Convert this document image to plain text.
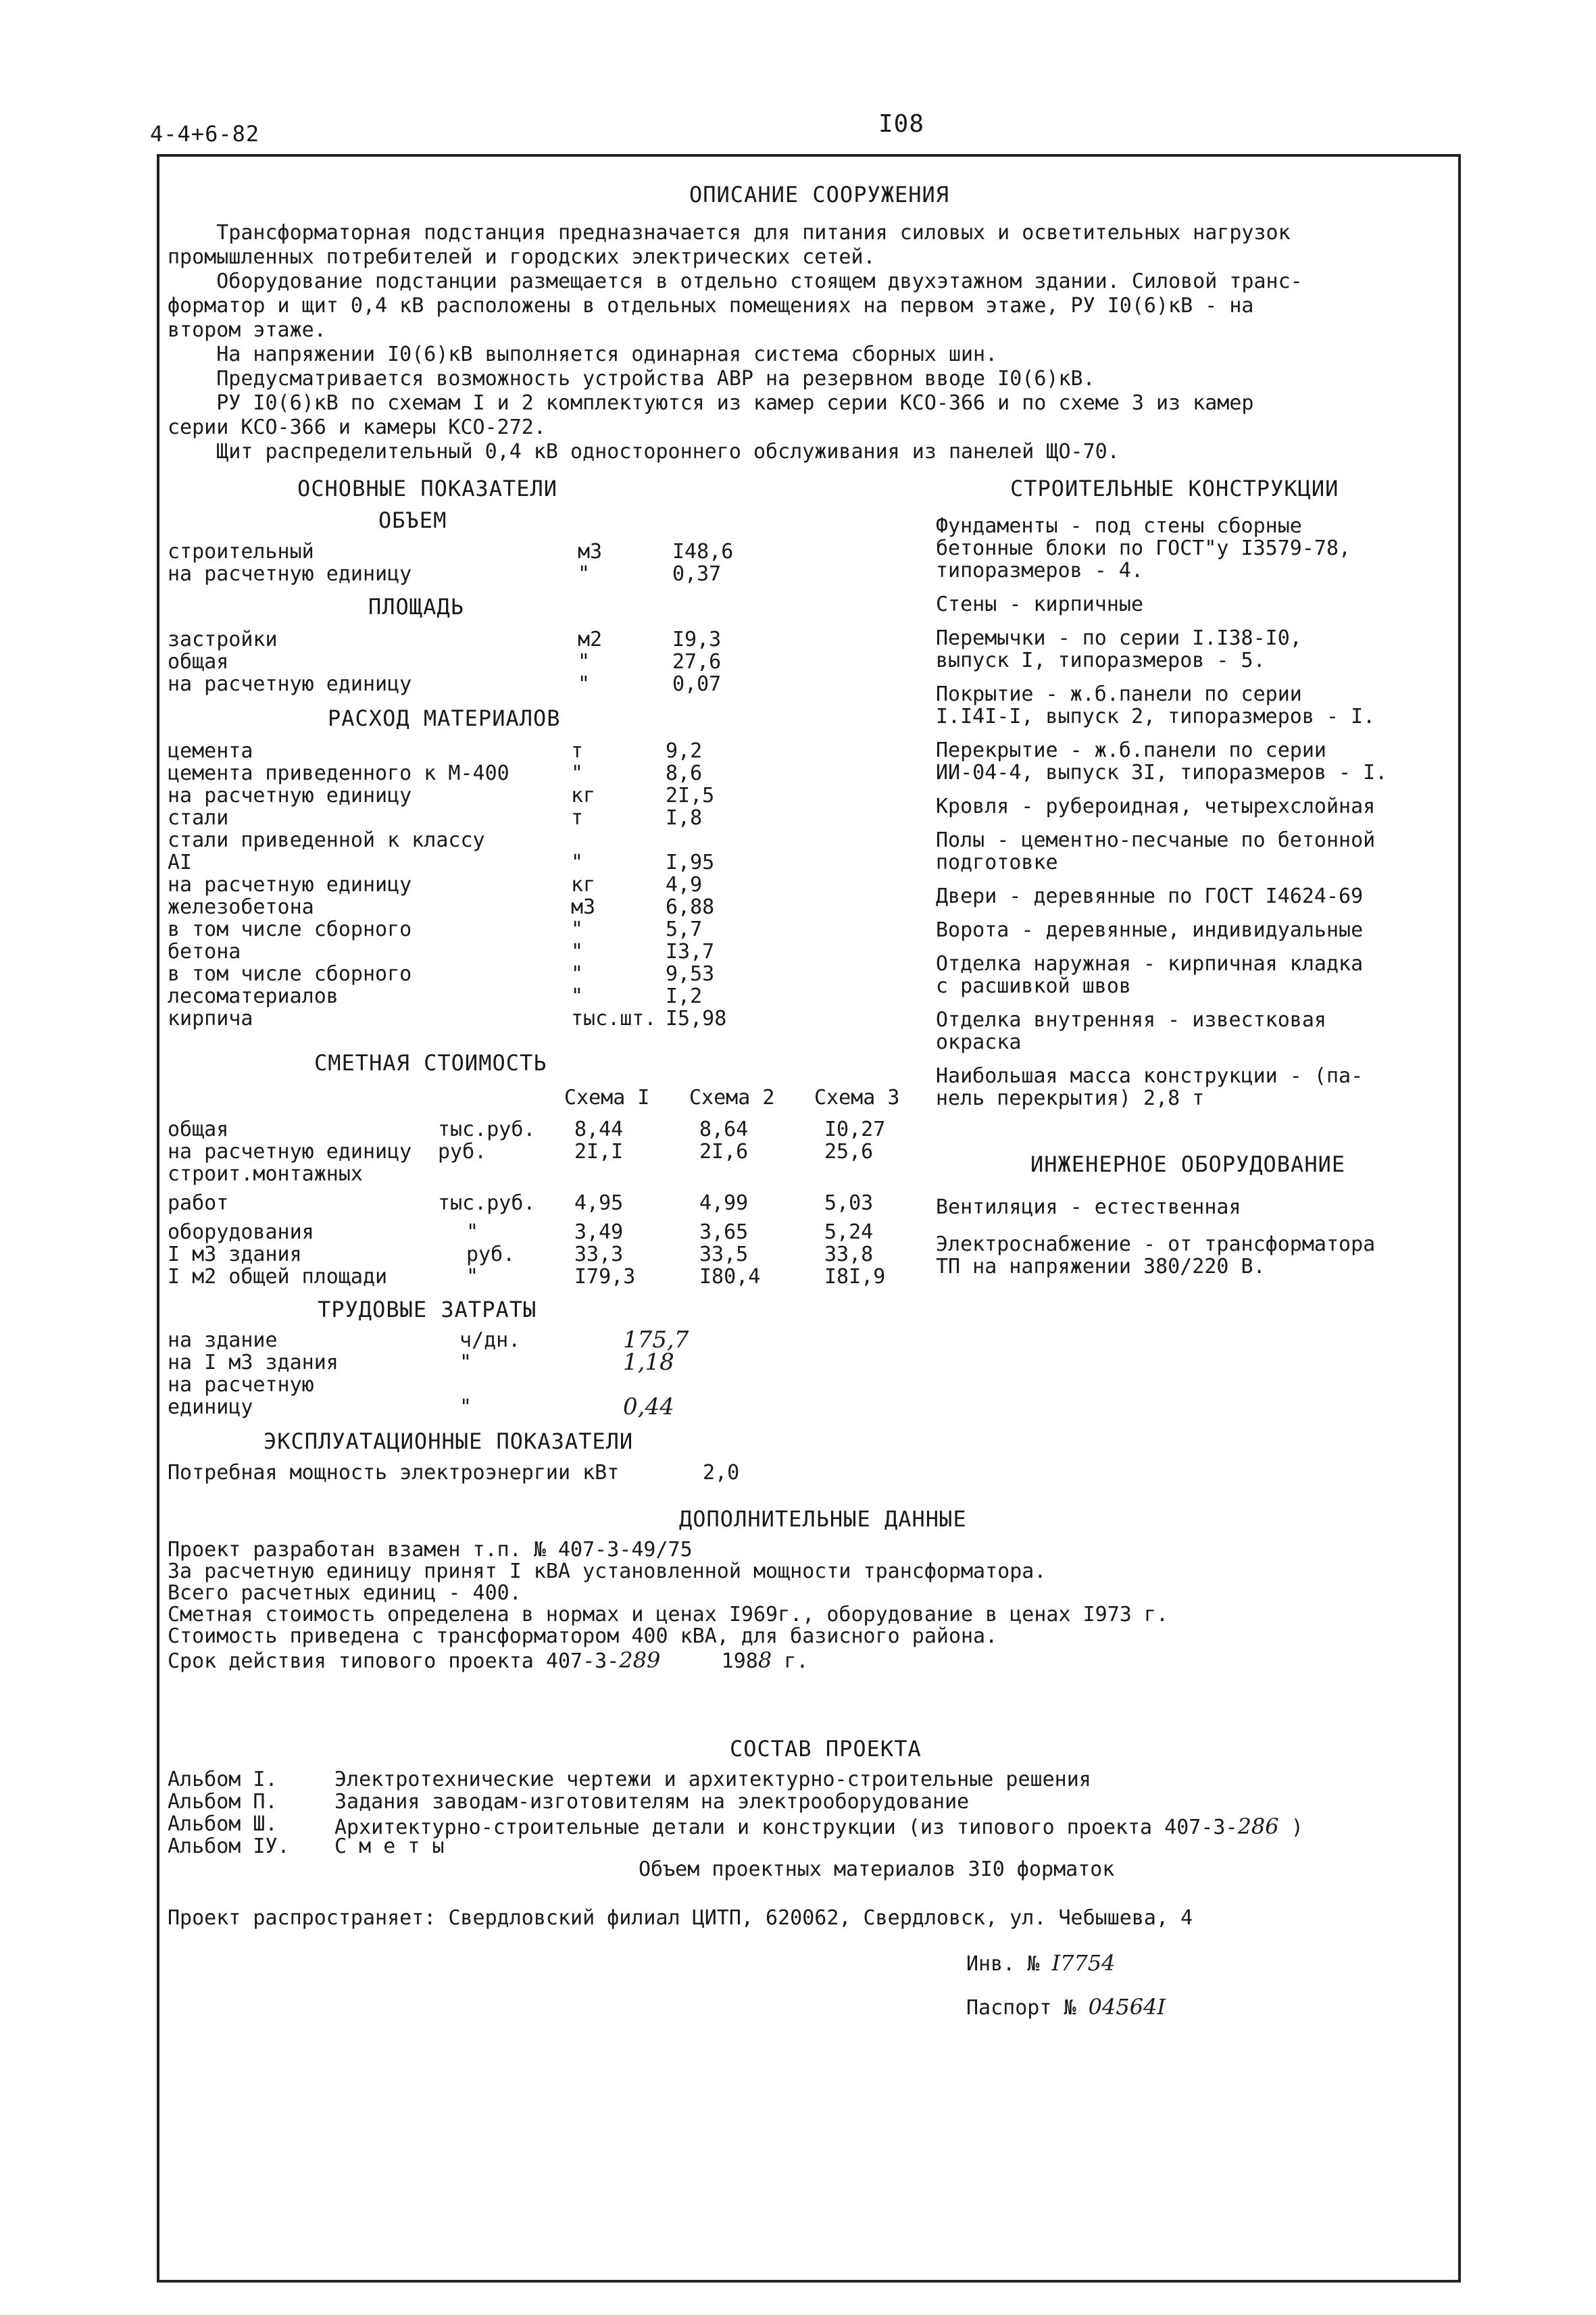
4-4+6-82	I08
ОПИСАНИЕ СООРУЖЕНИЯ
Трансформаторная подстанция предназначается для питания силовых и осветительных нагрузок
промышленных потребителей и городских электрических сетей.
Оборудование подстанции размещается в отдельно стоящем двухэтажном здании. Силовой транс-
форматор и щит 0,4 кВ расположены в отдельных помещениях на первом этаже, РУ I0(6)кВ - на
втором этаже.
На напряжении I0(6)кВ выполняется одинарная система сборных шин.
Предусматривается возможность устройства АВР на резервном вводе I0(6)кВ.
РУ I0(6)кВ по схемам I и 2 комплектуются из камер серии КСО-366 и по схеме 3 из камер
серии КСО-366 и камеры КСО-272.
Щит распределительный 0,4 кВ одностороннего обслуживания из панелей ЩО-70.
ОСНОВНЫЕ ПОКАЗАТЕЛИ
ОБЪЕМ
строительный	м3	I48,6
на расчетную единицу	"	0,37
ПЛОЩАДЬ
застройки	м2	I9,3
общая	"	27,6
на расчетную единицу	"	0,07
РАСХОД МАТЕРИАЛОВ
цемента	т	9,2
цемента приведенного к М-400	"	8,6
на расчетную единицу	кг	2I,5
стали	т	I,8
стали приведенной к классу
AI	"	I,95
на расчетную единицу	кг	4,9
железобетона	м3	6,88
в том числе сборного	"	5,7
бетона	"	I3,7
в том числе сборного	"	9,53
лесоматериалов	"	I,2
кирпича	тыс.шт. I5,98
СМЕТНАЯ СТОИМОСТЬ
Схема I Схема 2 Схема 3
общая	тыс.руб. 8,44	8,64	I0,27
на расчетную единицу руб.	2I,I	2I,6	25,6
строит.монтажных
работ	тыс.руб. 4,95	4,99	5,03
оборудования	"	3,49	3,65	5,24
I м3 здания	руб.	33,3	33,5	33,8
I м2 общей площади	"	I79,3	I80,4	I8I,9
ТРУДОВЫЕ ЗАТРАТЫ
на здание	ч/дн.	175,7
на I м3 здания	"	1,18
на расчетную
единицу	"	0,44
ЭКСПЛУАТАЦИОННЫЕ ПОКАЗАТЕЛИ
Потребная мощность электроэнергии кВт	2,0
СТРОИТЕЛЬНЫЕ КОНСТРУКЦИИ
Фундаменты - под стены сборные
бетонные блоки по ГОСТ"у I3579-78,
типоразмеров - 4.
Стены - кирпичные
Перемычки - по серии I.I38-I0,
выпуск I, типоразмеров - 5.
Покрытие - ж.б.панели по серии
I.I4I-I, выпуск 2, типоразмеров - I.
Перекрытие - ж.б.панели по серии
ИИ-04-4, выпуск 3I, типоразмеров - I.
Кровля - рубероидная, четырехслойная
Полы - цементно-песчаные по бетонной
подготовке
Двери - деревянные по ГОСТ I4624-69
Ворота - деревянные, индивидуальные
Отделка наружная - кирпичная кладка
с расшивкой швов
Отделка внутренняя - известковая
окраска
Наибольшая масса конструкции - (па-
нель перекрытия) 2,8 т
ИНЖЕНЕРНОЕ ОБОРУДОВАНИЕ
Вентиляция - естественная
Электроснабжение - от трансформатора
ТП на напряжении 380/220 В.
ДОПОЛНИТЕЛЬНЫЕ ДАННЫЕ
Проект разработан взамен т.п. № 407-3-49/75
За расчетную единицу принят I кВА установленной мощности трансформатора.
Всего расчетных единиц - 400.
Сметная стоимость определена в нормах и ценах I969г., оборудование в ценах I973 г.
Стоимость приведена с трансформатором 400 кВА, для базисного района.
Срок действия типового проекта 407-3-289	1988 г.
СОСТАВ ПРОЕКТА
Альбом I.	Электротехнические чертежи и архитектурно-строительные решения
Альбом П.	Задания заводам-изготовителям на электрооборудование
Альбом Ш.	Архитектурно-строительные детали и конструкции (из типового проекта 407-3-286 )
Альбом IУ. С м е т ы
Объем проектных материалов 3I0 форматок
Проект распространяет: Свердловский филиал ЦИТП, 620062, Свердловск, ул. Чебышева, 4
Инв. № I7754
Паспорт № 04564I
